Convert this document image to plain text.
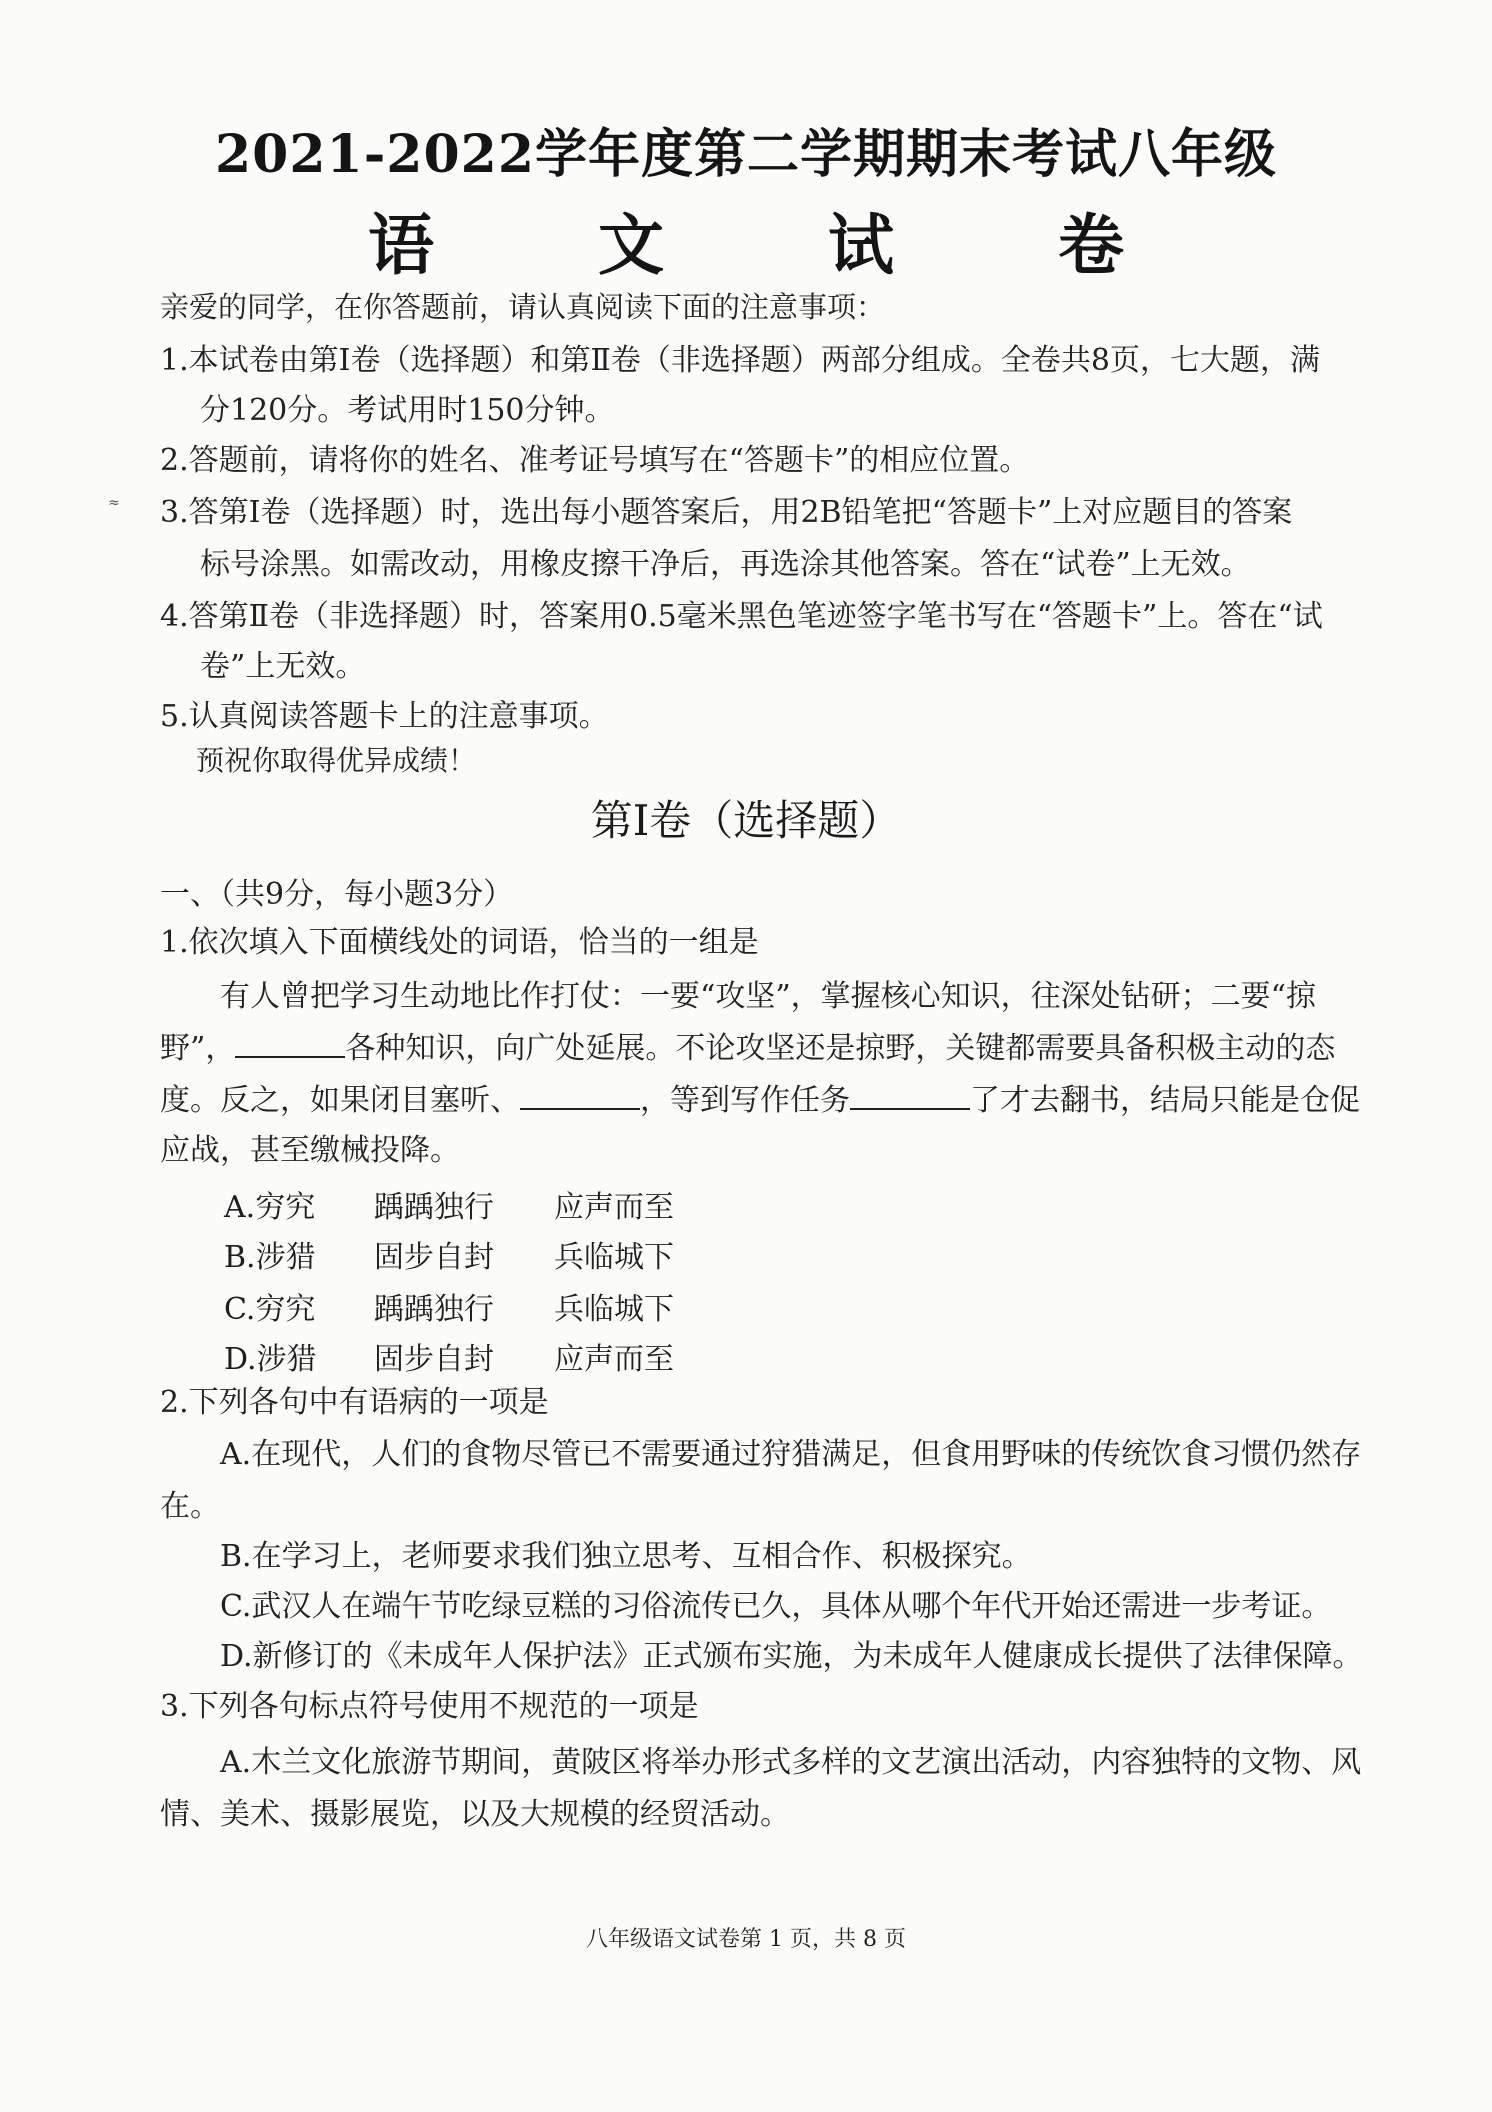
2021-2022学年度第二学期期末考试八年级
语 文 试 卷
亲爱的同学，在你答题前，请认真阅读下面的注意事项：
1.本试卷由第Ⅰ卷（选择题）和第Ⅱ卷（非选择题）两部分组成。全卷共8页，七大题，满
分120分。考试用时150分钟。
2.答题前，请将你的姓名、准考证号填写在“答题卡”的相应位置。
3.答第Ⅰ卷（选择题）时，选出每小题答案后，用2B铅笔把“答题卡”上对应题目的答案
标号涂黑。如需改动，用橡皮擦干净后，再选涂其他答案。答在“试卷”上无效。
4.答第Ⅱ卷（非选择题）时，答案用0.5毫米黑色笔迹签字笔书写在“答题卡”上。答在“试
卷”上无效。
5.认真阅读答题卡上的注意事项。
预祝你取得优异成绩！
≈
第Ⅰ卷（选择题）
一、（共9分，每小题3分）
1.依次填入下面横线处的词语，恰当的一组是
有人曾把学习生动地比作打仗：一要“攻坚”，掌握核心知识，往深处钻研；二要“掠
野”，	各种知识，向广处延展。不论攻坚还是掠野，关键都需要具备积极主动的态
度。反之，如果闭目塞听、	，等到写作任务	了才去翻书，结局只能是仓促
应战，甚至缴械投降。
A.穷究 踽踽独行 应声而至
B.涉猎 固步自封 兵临城下
C.穷究 踽踽独行 兵临城下
D.涉猎 固步自封 应声而至
2.下列各句中有语病的一项是
A.在现代，人们的食物尽管已不需要通过狩猎满足，但食用野味的传统饮食习惯仍然存
在。
B.在学习上，老师要求我们独立思考、互相合作、积极探究。
C.武汉人在端午节吃绿豆糕的习俗流传已久，具体从哪个年代开始还需进一步考证。
D.新修订的《未成年人保护法》正式颁布实施，为未成年人健康成长提供了法律保障。
3.下列各句标点符号使用不规范的一项是
A.木兰文化旅游节期间，黄陂区将举办形式多样的文艺演出活动，内容独特的文物、风
情、美术、摄影展览，以及大规模的经贸活动。
八年级语文试卷第 1 页，共 8 页
